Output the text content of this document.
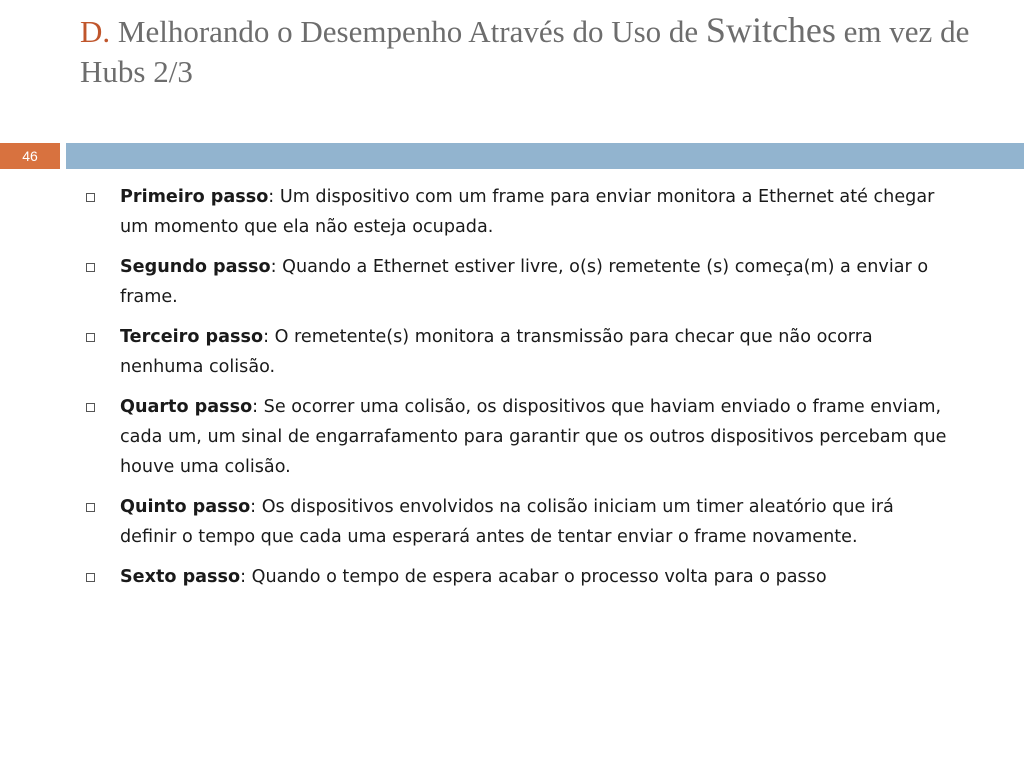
D. Melhorando o Desempenho Através do Uso de Switches em vez de Hubs 2/3
46
Primeiro passo: Um dispositivo com um frame para enviar monitora a Ethernet até chegar um momento que ela não esteja ocupada.
Segundo passo: Quando a Ethernet estiver livre, o(s) remetente (s) começa(m) a enviar o frame.
Terceiro passo: O remetente(s) monitora a transmissão para checar que não ocorra nenhuma colisão.
Quarto passo: Se ocorrer uma colisão, os dispositivos que haviam enviado o frame enviam, cada um, um sinal de engarrafamento para garantir que os outros dispositivos percebam que houve uma colisão.
Quinto passo: Os dispositivos envolvidos na colisão iniciam um timer aleatório que irá definir o tempo que cada uma esperará antes de tentar enviar o frame novamente.
Sexto passo: Quando o tempo de espera acabar o processo volta para o passo
